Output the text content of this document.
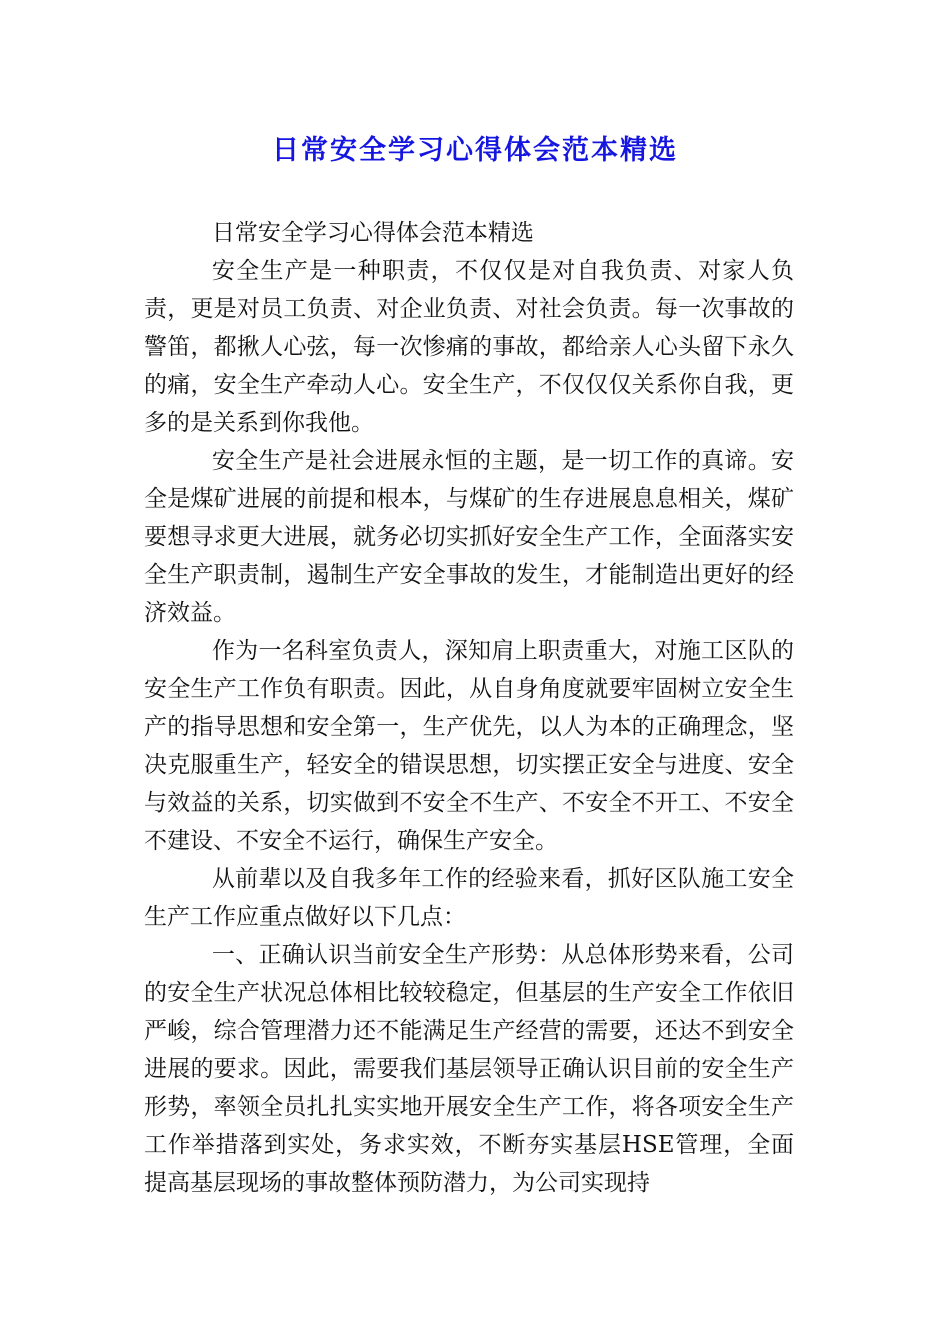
日常安全学习心得体会范本精选

日常安全学习心得体会范本精选

安全生产是一种职责，不仅仅是对自我负责、对家人负责，更是对员工负责、对企业负责、对社会负责。每一次事故的警笛，都揪人心弦，每一次惨痛的事故，都给亲人心头留下永久的痛，安全生产牵动人心。安全生产，不仅仅仅关系你自我，更多的是关系到你我他。

安全生产是社会进展永恒的主题，是一切工作的真谛。安全是煤矿进展的前提和根本，与煤矿的生存进展息息相关，煤矿要想寻求更大进展，就务必切实抓好安全生产工作，全面落实安全生产职责制，遏制生产安全事故的发生，才能制造出更好的经济效益。

作为一名科室负责人，深知肩上职责重大，对施工区队的安全生产工作负有职责。因此，从自身角度就要牢固树立安全生产的指导思想和安全第一，生产优先，以人为本的正确理念，坚决克服重生产，轻安全的错误思想，切实摆正安全与进度、安全与效益的关系，切实做到不安全不生产、不安全不开工、不安全不建设、不安全不运行，确保生产安全。

从前辈以及自我多年工作的经验来看，抓好区队施工安全生产工作应重点做好以下几点：

一、正确认识当前安全生产形势：从总体形势来看，公司的安全生产状况总体相比较较稳定，但基层的生产安全工作依旧严峻，综合管理潜力还不能满足生产经营的需要，还达不到安全进展的要求。因此，需要我们基层领导正确认识目前的安全生产形势，率领全员扎扎实实地开展安全生产工作，将各项安全生产工作举措落到实处，务求实效，不断夯实基层HSE管理，全面提高基层现场的事故整体预防潜力，为公司实现持
